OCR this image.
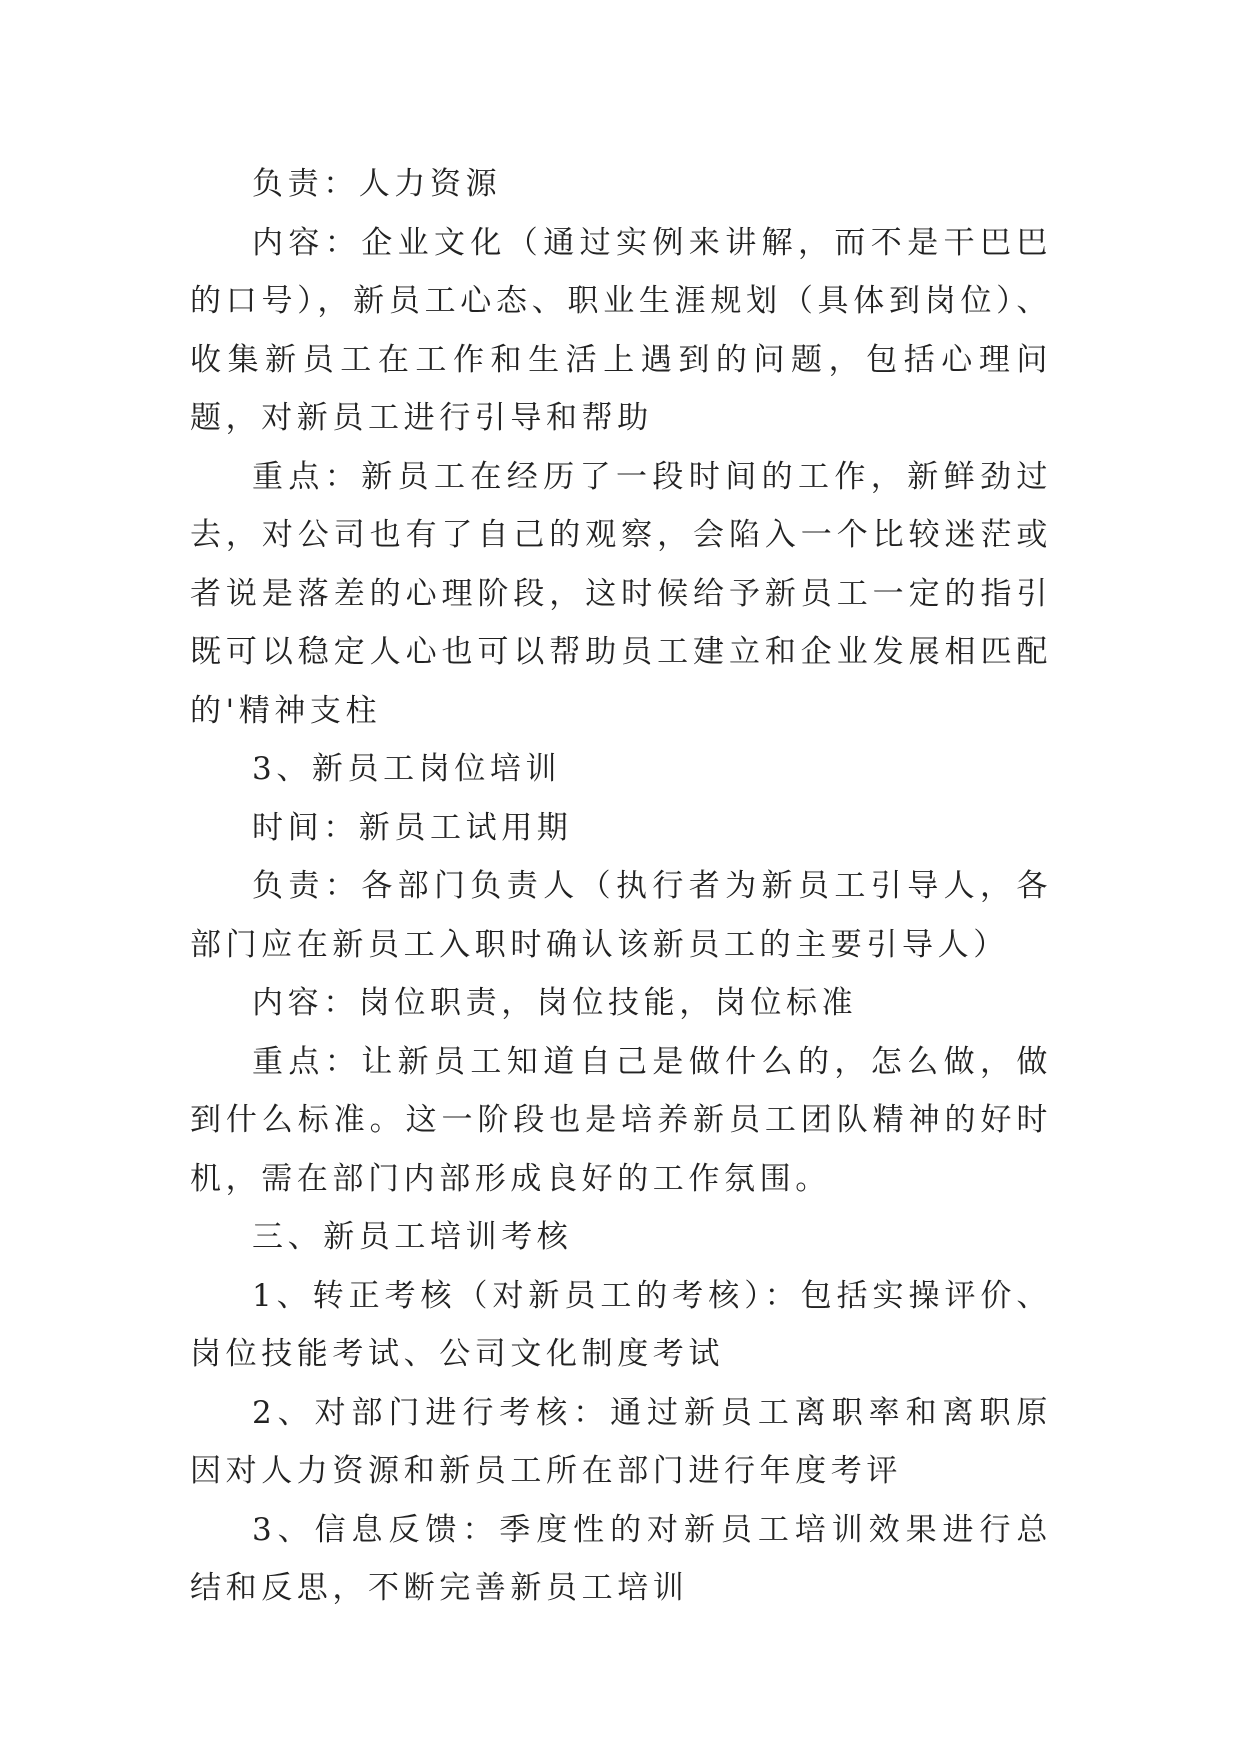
负责：人力资源

内容：企业文化（通过实例来讲解，而不是干巴巴的口号），新员工心态、职业生涯规划（具体到岗位）、收集新员工在工作和生活上遇到的问题，包括心理问题，对新员工进行引导和帮助

重点：新员工在经历了一段时间的工作，新鲜劲过去，对公司也有了自己的观察，会陷入一个比较迷茫或者说是落差的心理阶段，这时候给予新员工一定的指引既可以稳定人心也可以帮助员工建立和企业发展相匹配的'精神支柱

3、新员工岗位培训

时间：新员工试用期

负责：各部门负责人（执行者为新员工引导人，各部门应在新员工入职时确认该新员工的主要引导人）

内容：岗位职责，岗位技能，岗位标准

重点：让新员工知道自己是做什么的，怎么做，做到什么标准。这一阶段也是培养新员工团队精神的好时机，需在部门内部形成良好的工作氛围。

三、新员工培训考核

1、转正考核（对新员工的考核）：包括实操评价、岗位技能考试、公司文化制度考试

2、对部门进行考核：通过新员工离职率和离职原因对人力资源和新员工所在部门进行年度考评

3、信息反馈：季度性的对新员工培训效果进行总结和反思，不断完善新员工培训
